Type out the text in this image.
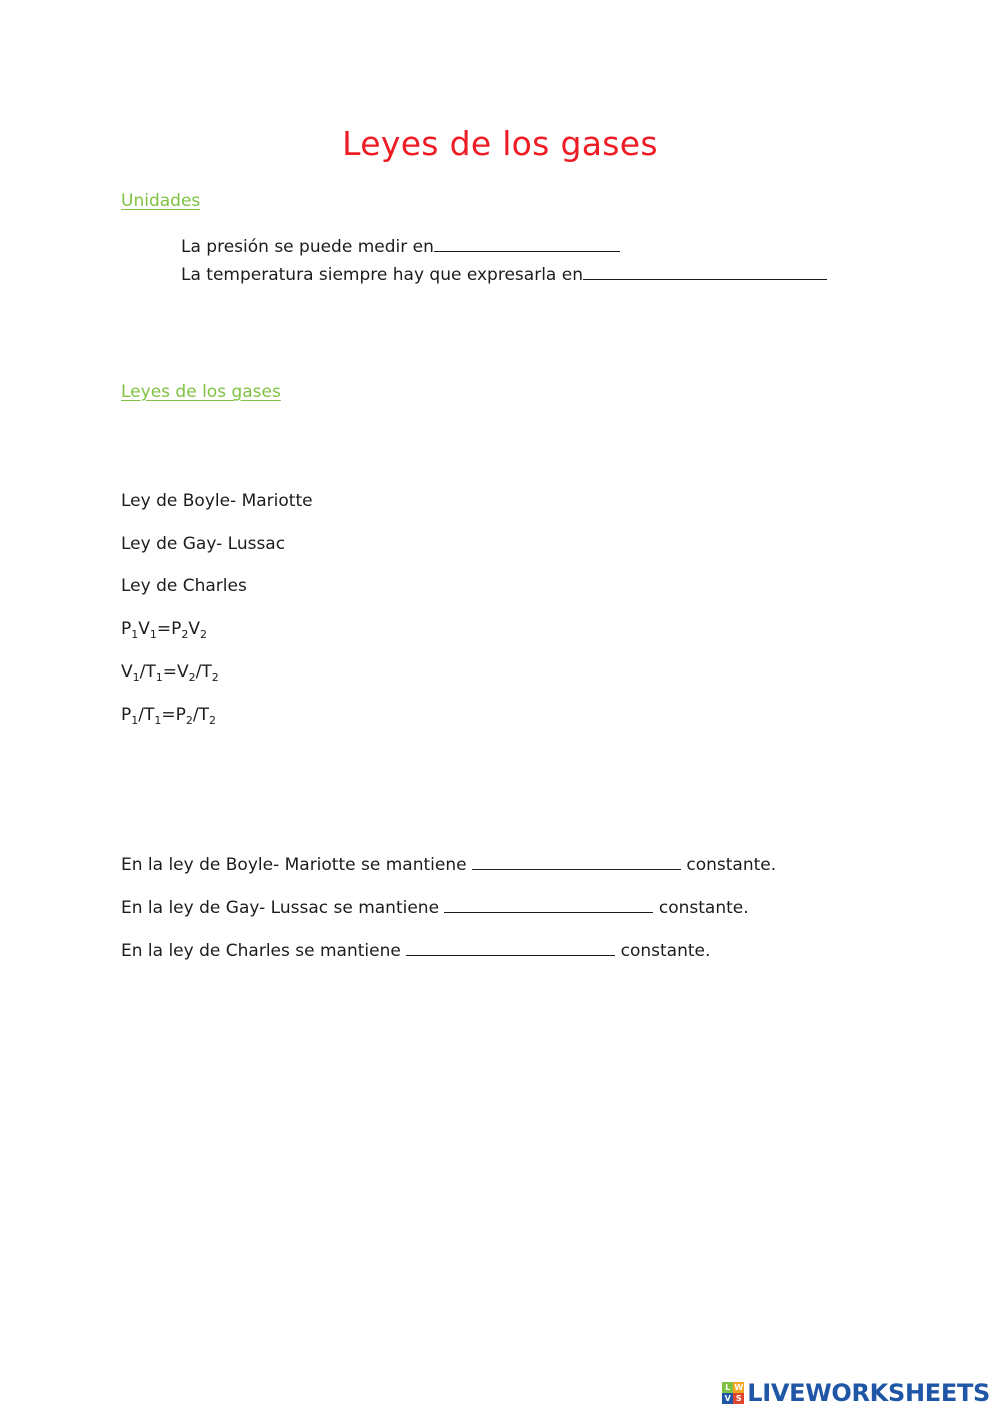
Leyes de los gases
Unidades
La presión se puede medir en
La temperatura siempre hay que expresarla en
Leyes de los gases
Ley de Boyle- Mariotte
Ley de Gay- Lussac
Ley de Charles
$P_1V_1=P_2V_2$
$V_1/T_1=V_2/T_2$
$P_1/T_1=P_2/T_2$
En la ley de Boyle- Mariotte se mantiene	constante.
En la ley de Gay- Lussac se mantiene	constante.
En la ley de Charles se mantiene	constante.
L W
V S LIVEWORKSHEETS
